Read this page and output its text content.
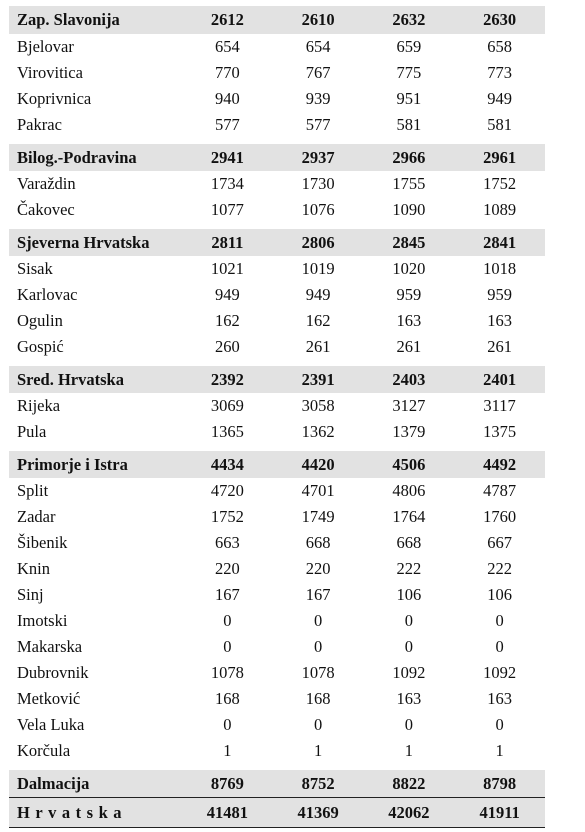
Zap. Slavonija	2612	2610	2632	2630
Bjelovar	654	654	659	658
Virovitica	770	767	775	773
Koprivnica	940	939	951	949
Pakrac	577	577	581	581
Bilog.-Podravina	2941	2937	2966	2961
Varaždin	1734	1730	1755	1752
Čakovec	1077	1076	1090	1089
Sjeverna Hrvatska	2811	2806	2845	2841
Sisak	1021	1019	1020	1018
Karlovac	949	949	959	959
Ogulin	162	162	163	163
Gospić	260	261	261	261
Sred. Hrvatska	2392	2391	2403	2401
Rijeka	3069	3058	3127	3117
Pula	1365	1362	1379	1375
Primorje i Istra	4434	4420	4506	4492
Split	4720	4701	4806	4787
Zadar	1752	1749	1764	1760
Šibenik	663	668	668	667
Knin	220	220	222	222
Sinj	167	167	106	106
Imotski	0	0	0	0
Makarska	0	0	0	0
Dubrovnik	1078	1078	1092	1092
Metković	168	168	163	163
Vela Luka	0	0	0	0
Korčula	1	1	1	1
Dalmacija	8769	8752	8822	8798
Hrvatska	41481	41369	42062	41911
